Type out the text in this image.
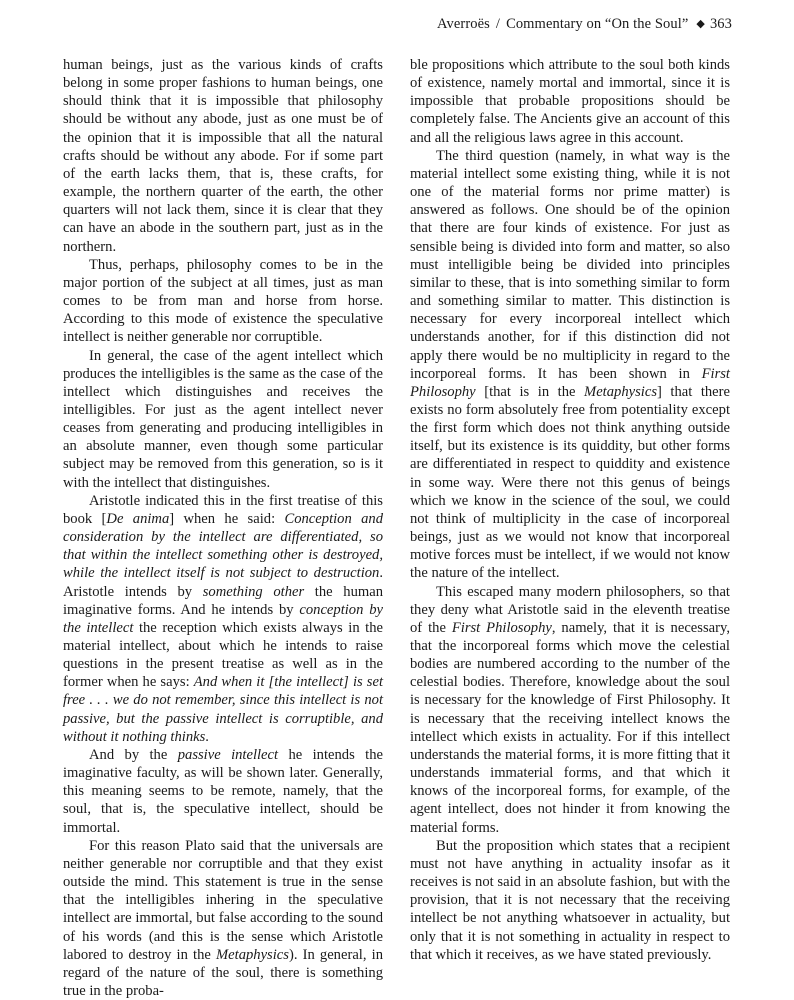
Averroës / Commentary on “On the Soul” ◆ 363

human beings, just as the various kinds of crafts belong in some proper fashions to human beings, one should think that it is impossible that philosophy should be without any abode, just as one must be of the opinion that it is impossible that all the natural crafts should be without any abode. For if some part of the earth lacks them, that is, these crafts, for example, the northern quarter of the earth, the other quarters will not lack them, since it is clear that they can have an abode in the southern part, just as in the northern.

Thus, perhaps, philosophy comes to be in the major portion of the subject at all times, just as man comes to be from man and horse from horse. According to this mode of existence the speculative intellect is neither generable nor corruptible.

In general, the case of the agent intellect which produces the intelligibles is the same as the case of the intellect which distinguishes and receives the intelligibles. For just as the agent intellect never ceases from generating and producing intelligibles in an absolute manner, even though some particular subject may be removed from this generation, so is it with the intellect that distinguishes.

Aristotle indicated this in the first treatise of this book [De anima] when he said: Conception and consideration by the intellect are differentiated, so that within the intellect something other is destroyed, while the intellect itself is not subject to destruction. Aristotle intends by something other the human imaginative forms. And he intends by conception by the intellect the reception which exists always in the material intellect, about which he intends to raise questions in the present treatise as well as in the former when he says: And when it [the intellect] is set free . . . we do not remember, since this intellect is not passive, but the passive intellect is corruptible, and without it nothing thinks.

And by the passive intellect he intends the imaginative faculty, as will be shown later. Generally, this meaning seems to be remote, namely, that the soul, that is, the speculative intellect, should be immortal.

For this reason Plato said that the universals are neither generable nor corruptible and that they exist outside the mind. This statement is true in the sense that the intelligibles inhering in the speculative intellect are immortal, but false according to the sound of his words (and this is the sense which Aristotle labored to destroy in the Metaphysics). In general, in regard of the nature of the soul, there is something true in the proba-

ble propositions which attribute to the soul both kinds of existence, namely mortal and immortal, since it is impossible that probable propositions should be completely false. The Ancients give an account of this and all the religious laws agree in this account.

The third question (namely, in what way is the material intellect some existing thing, while it is not one of the material forms nor prime matter) is answered as follows. One should be of the opinion that there are four kinds of existence. For just as sensible being is divided into form and matter, so also must intelligible being be divided into principles similar to these, that is into something similar to form and something similar to matter. This distinction is necessary for every incorporeal intellect which understands another, for if this distinction did not apply there would be no multiplicity in regard to the incorporeal forms. It has been shown in First Philosophy [that is in the Metaphysics] that there exists no form absolutely free from potentiality except the first form which does not think anything outside itself, but its existence is its quiddity, but other forms are differentiated in respect to quiddity and existence in some way. Were there not this genus of beings which we know in the science of the soul, we could not think of multiplicity in the case of incorporeal beings, just as we would not know that incorporeal motive forces must be intellect, if we would not know the nature of the intellect.

This escaped many modern philosophers, so that they deny what Aristotle said in the eleventh treatise of the First Philosophy, namely, that it is necessary, that the incorporeal forms which move the celestial bodies are numbered according to the number of the celestial bodies. Therefore, knowledge about the soul is necessary for the knowledge of First Philosophy. It is necessary that the receiving intellect knows the intellect which exists in actuality. For if this intellect understands the material forms, it is more fitting that it understands immaterial forms, and that which it knows of the incorporeal forms, for example, of the agent intellect, does not hinder it from knowing the material forms.

But the proposition which states that a recipient must not have anything in actuality insofar as it receives is not said in an absolute fashion, but with the provision, that it is not necessary that the receiving intellect be not anything whatsoever in actuality, but only that it is not something in actuality in respect to that which it receives, as we have stated previously.
